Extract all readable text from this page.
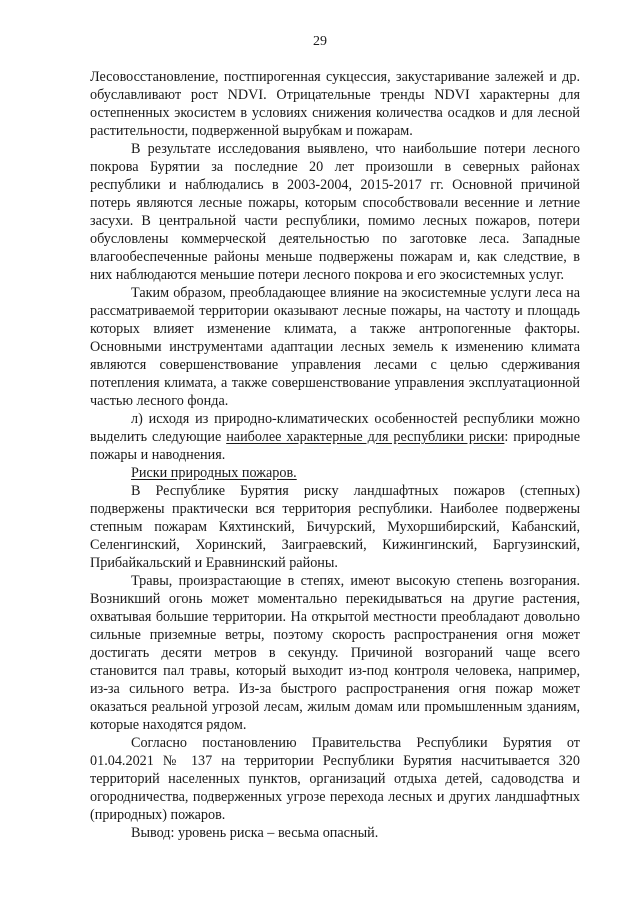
29

Лесовосстановление, постпирогенная сукцессия, закустаривание залежей и др. обуславливают рост NDVI. Отрицательные тренды NDVI характерны для остепненных экосистем в условиях снижения количества осадков и для лесной растительности, подверженной вырубкам и пожарам.

В результате исследования выявлено, что наибольшие потери лесного покрова Бурятии за последние 20 лет произошли в северных районах республики и наблюдались в 2003-2004, 2015-2017 гг. Основной причиной потерь являются лесные пожары, которым способствовали весенние и летние засухи. В центральной части республики, помимо лесных пожаров, потери обусловлены коммерческой деятельностью по заготовке леса. Западные влагообеспеченные районы меньше подвержены пожарам и, как следствие, в них наблюдаются меньшие потери лесного покрова и его экосистемных услуг.

Таким образом, преобладающее влияние на экосистемные услуги леса на рассматриваемой территории оказывают лесные пожары, на частоту и площадь которых влияет изменение климата, а также антропогенные факторы. Основными инструментами адаптации лесных земель к изменению климата являются совершенствование управления лесами с целью сдерживания потепления климата, а также совершенствование управления эксплуатационной частью лесного фонда.

л) исходя из природно-климатических особенностей республики можно выделить следующие наиболее характерные для республики риски: природные пожары и наводнения.

Риски природных пожаров.

В Республике Бурятия риску ландшафтных пожаров (степных) подвержены практически вся территория республики. Наиболее подвержены степным пожарам Кяхтинский, Бичурский, Мухоршибирский, Кабанский, Селенгинский, Хоринский, Заиграевский, Кижингинский, Баргузинский, Прибайкальский и Еравнинский районы.

Травы, произрастающие в степях, имеют высокую степень возгорания. Возникший огонь может моментально перекидываться на другие растения, охватывая большие территории. На открытой местности преобладают довольно сильные приземные ветры, поэтому скорость распространения огня может достигать десяти метров в секунду. Причиной возгораний чаще всего становится пал травы, который выходит из-под контроля человека, например, из-за сильного ветра. Из-за быстрого распространения огня пожар может оказаться реальной угрозой лесам, жилым домам или промышленным зданиям, которые находятся рядом.

Согласно постановлению Правительства Республики Бурятия от 01.04.2021 № 137 на территории Республики Бурятия насчитывается 320 территорий населенных пунктов, организаций отдыха детей, садоводства и огородничества, подверженных угрозе перехода лесных и других ландшафтных (природных) пожаров.

Вывод: уровень риска – весьма опасный.
